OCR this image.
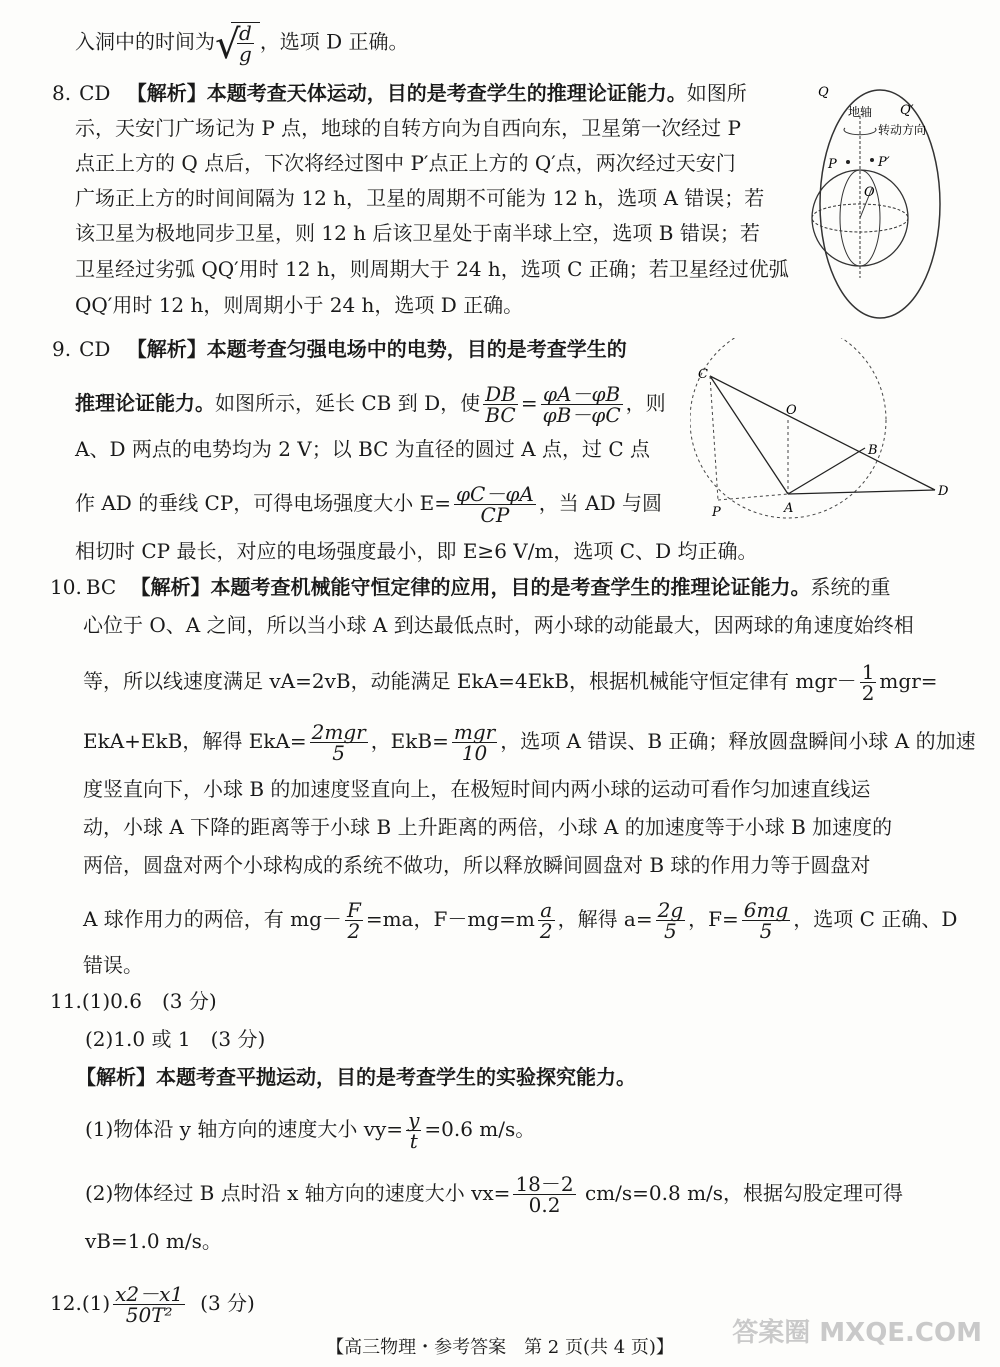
入洞中的时间为 √
$\frac{d}{g}$ ，选项 D 正确。
8. CD 【解析】本题考查天体运动，目的是考查学生的推理论证能力。如图所
示，天安门广场记为 P 点，地球的自转方向为自西向东，卫星第一次经过 P
点正上方的 Q 点后，下次将经过图中 P′点正上方的 Q′点，两次经过天安门
广场正上方的时间间隔为 12 h，卫星的周期不可能为 12 h，选项 A 错误；若
该卫星为极地同步卫星，则 12 h 后该卫星处于南半球上空，选项 B 错误；若
卫星经过劣弧 QQ′用时 12 h，则周期大于 24 h，选项 C 正确；若卫星经过优弧
QQ′用时 12 h，则周期小于 24 h，选项 D 正确。
Q
Q′
地轴
转动方向
P	P′
O
9. CD 【解析】本题考查匀强电场中的电势，目的是考查学生的
推理论证能力。如图所示，延长 CB 到 D，使 $\frac{DB}{BC} = \frac{\varphi A-\varphi B}{\varphi B-\varphi C}$ ，则
A、D 两点的电势均为 2 V；以 BC 为直径的圆过 A 点，过 C 点
作 AD 的垂线 CP，可得电场强度大小 $E= \frac{\varphi C-\varphi A}{CP}$ ，当 AD 与圆
相切时 CP 最长，对应的电场强度最小，即 E≥6 V/m，选项 C、D 均正确。
C
O
B
D
A
P
10. BC 【解析】本题考查机械能守恒定律的应用，目的是考查学生的推理论证能力。系统的重
心位于 O、A 之间，所以当小球 A 到达最低点时，两小球的动能最大，因两球的角速度始终相
等，所以线速度满足 vA=2vB，动能满足 EkA=4EkB，根据机械能守恒定律有 $mgr- \frac{1}{2} mgr=$
EkA+EkB，解得 $EkA= \frac{\text{2mgr}}{5}$ ，$EkB= \frac{\text{mgr}}{10}$ ，选项 A 错误、B 正确；释放圆盘瞬间小球 A 的加速
度竖直向下，小球 B 的加速度竖直向上，在极短时间内两小球的运动可看作匀加速直线运
动，小球 A 下降的距离等于小球 B 上升距离的两倍，小球 A 的加速度等于小球 B 加速度的
两倍，圆盘对两个小球构成的系统不做功，所以释放瞬间圆盘对 B 球的作用力等于圆盘对
A 球作用力的两倍，有 $mg- \frac{F}{2} =ma$，$F-mg=m \frac{a}{2}$ ，解得 $a= \frac{2g}{5}$ ，$F= \frac{6mg}{5}$ ，选项 C 正确、D
错误。
11.(1)0.6　(3 分)
(2)1.0 或 1　(3 分)
【解析】本题考查平抛运动，目的是考查学生的实验探究能力。
(1)物体沿 y 轴方向的速度大小 $vy= \frac{y}{t} =0.6$ m/s。
(2)物体经过 B 点时沿 x 轴方向的速度大小 $vx= \frac{18-2}{0.2} cm/s=0.8$ m/s，根据勾股定理可得
vB=1.0 m/s。
$12.(1) \frac{x2-x1}{\text{50T²}} (3$ 分)
【高三物理・参考答案　第 2 页(共 4 页)】	答案圈 MXQE.COM
